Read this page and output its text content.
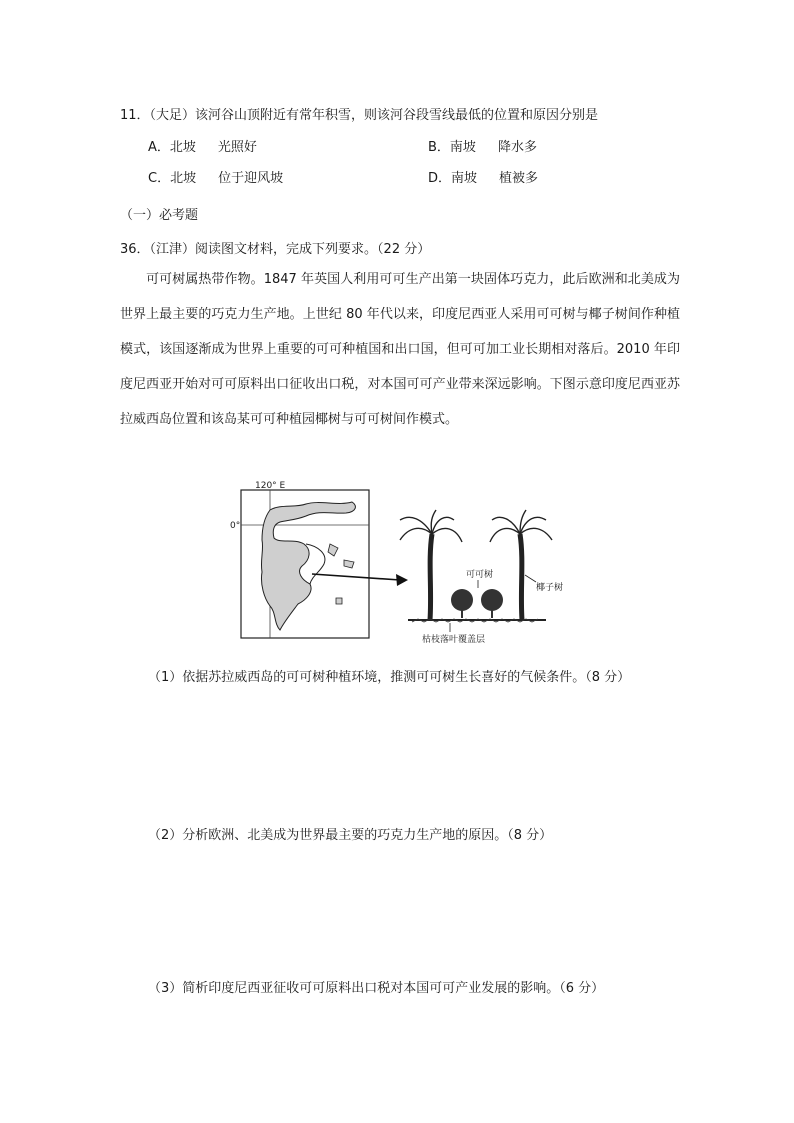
11．（大足）该河谷山顶附近有常年积雪，则该河谷段雪线最低的位置和原因分别是
A．北坡 光照好	B．南坡 降水多
C．北坡 位于迎风坡	D．南坡 植被多
（一）必考题
36．（江津）阅读图文材料，完成下列要求。（22 分）
可可树属热带作物。1847 年英国人利用可可生产出第一块固体巧克力，此后欧洲和北美成为世界上最主要的巧克力生产地。上世纪 80 年代以来，印度尼西亚人采用可可树与椰子树间作种植模式，该国逐渐成为世界上重要的可可种植国和出口国，但可可加工业长期相对落后。2010 年印度尼西亚开始对可可原料出口征收出口税，对本国可可产业带来深远影响。下图示意印度尼西亚苏拉威西岛位置和该岛某可可种植园椰树与可可树间作模式。
120° E
0°
可可树
椰子树
枯枝落叶覆盖层
（1）依据苏拉威西岛的可可树种植环境，推测可可树生长喜好的气候条件。（8 分）
（2）分析欧洲、北美成为世界最主要的巧克力生产地的原因。（8 分）
（3）简析印度尼西亚征收可可原料出口税对本国可可产业发展的影响。（6 分）
